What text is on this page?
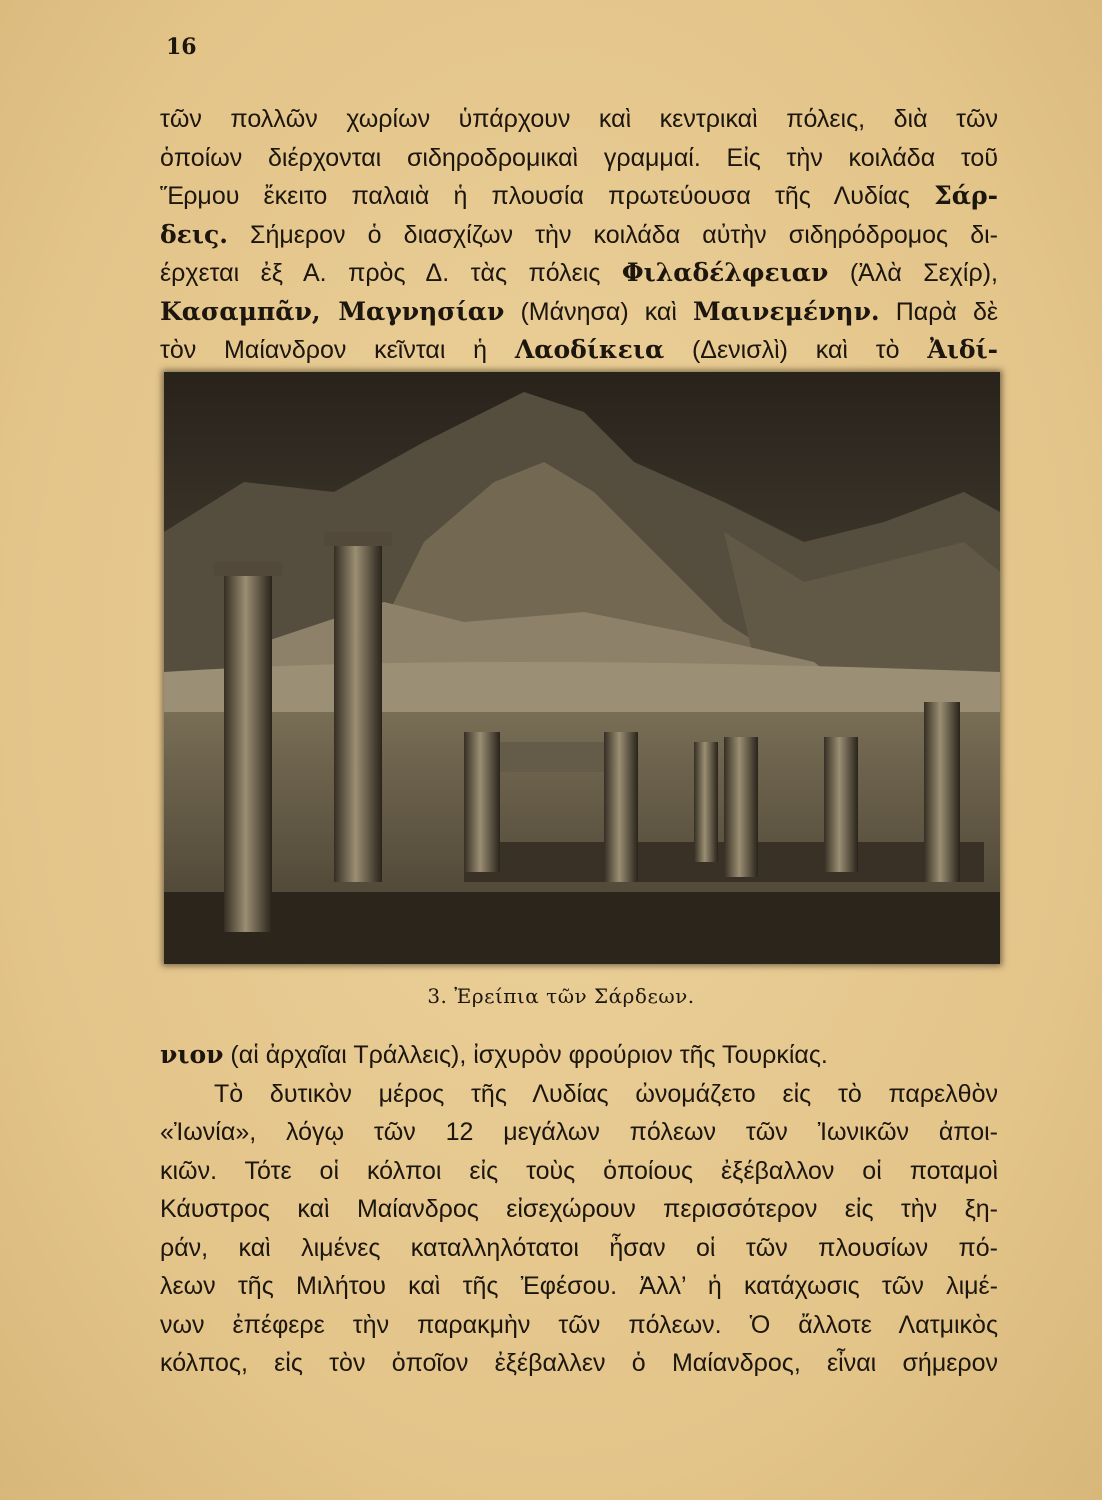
16
τῶν πολλῶν χωρίων ὑπάρχουν καὶ κεντρικαὶ πόλεις, διὰ τῶν
ὁποίων διέρχονται σιδηροδρομικαὶ γραμμαί. Εἰς τὴν κοιλάδα τοῦ
Ἕρμου ἔκειτο παλαιὰ ἡ πλουσία πρωτεύουσα τῆς Λυδίας Σάρ-
δεις. Σήμερον ὁ διασχίζων τὴν κοιλάδα αὐτὴν σιδηρόδρομος δι-
έρχεται ἐξ Α. πρὸς Δ. τὰς πόλεις Φιλαδέλφειαν (Ἀλὰ Σεχίρ),
Κασαμπᾶν, Μαγνησίαν (Μάνησα) καὶ Μαινεμένην. Παρὰ δὲ
τὸν Μαίανδρον κεῖνται ἡ Λαοδίκεια (Δενισλὶ) καὶ τὸ Ἀιδί-
3. Ἐρείπια τῶν Σάρδεων.
νιον (αἱ ἀρχαῖαι Τράλλεις), ἰσχυρὸν φρούριον τῆς Τουρκίας.
Τὸ δυτικὸν μέρος τῆς Λυδίας ὠνομάζετο εἰς τὸ παρελθὸν
«Ἰωνία», λόγῳ τῶν 12 μεγάλων πόλεων τῶν Ἰωνικῶν ἀποι-
κιῶν. Τότε οἱ κόλποι εἰς τοὺς ὁποίους ἐξέβαλλον οἱ ποταμοὶ
Κάυστρος καὶ Μαίανδρος εἰσεχώρουν περισσότερον εἰς τὴν ξη-
ράν, καὶ λιμένες καταλληλότατοι ἦσαν οἱ τῶν πλουσίων πό-
λεων τῆς Μιλήτου καὶ τῆς Ἐφέσου. Ἀλλ’ ἡ κατάχωσις τῶν λιμέ-
νων ἐπέφερε τὴν παρακμὴν τῶν πόλεων. Ὁ ἄλλοτε Λατμικὸς
κόλπος, εἰς τὸν ὁποῖον ἐξέβαλλεν ὁ Μαίανδρος, εἶναι σήμερον
